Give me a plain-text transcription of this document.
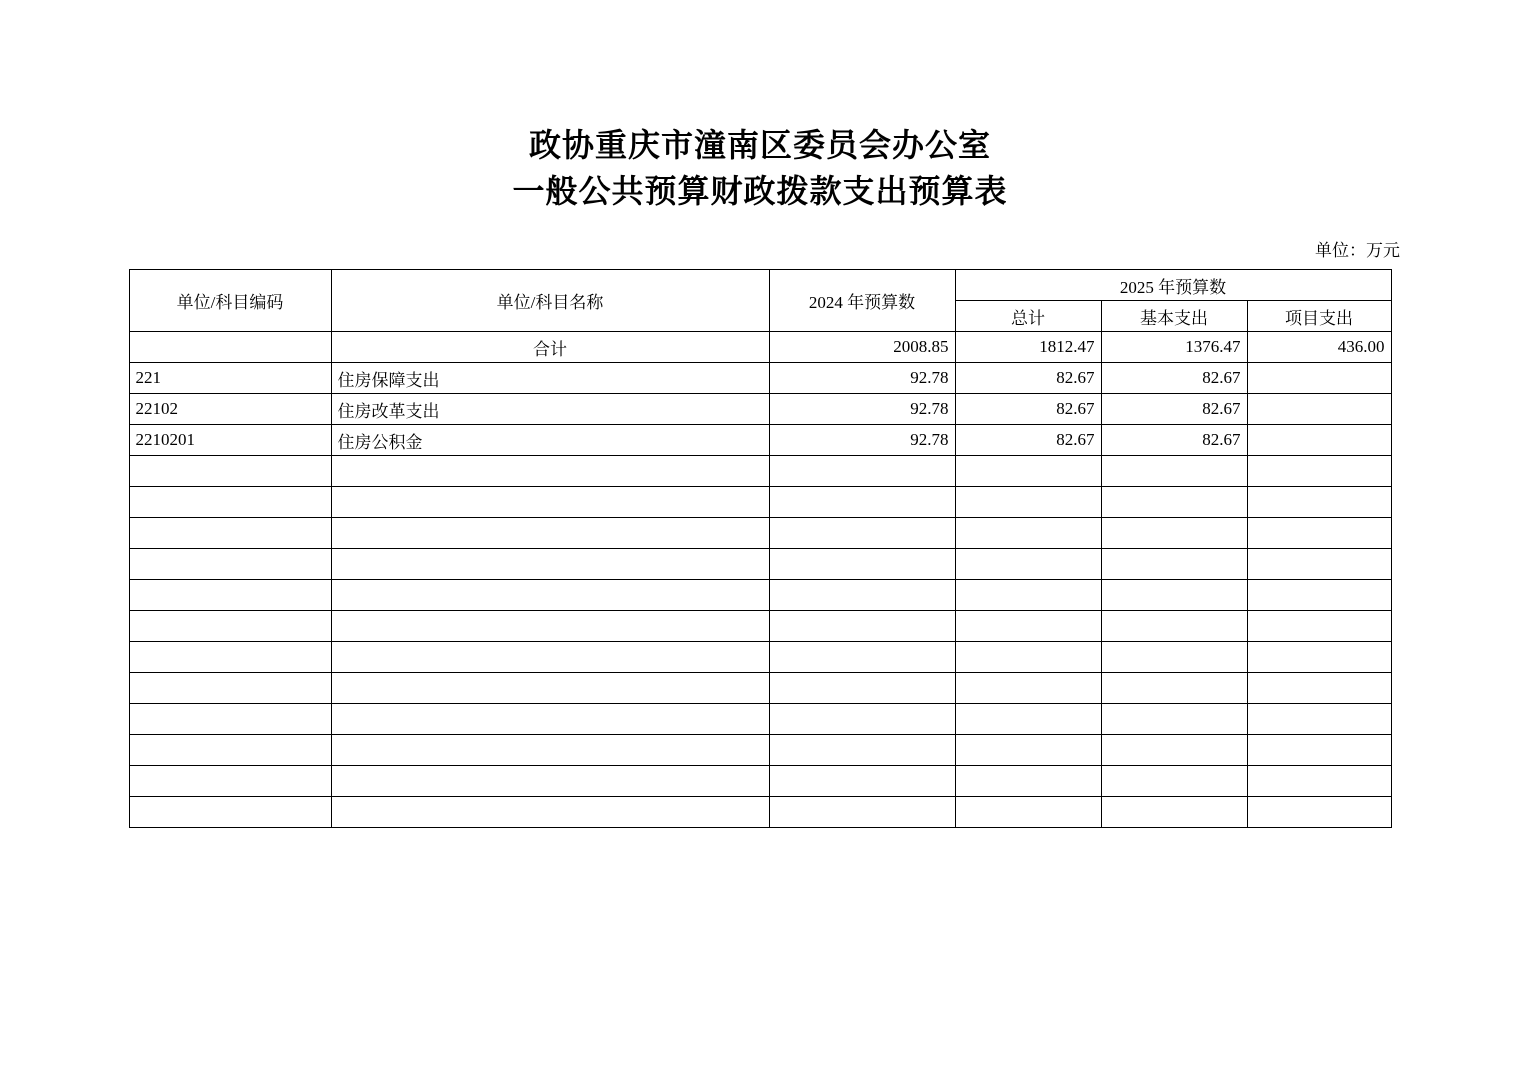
政协重庆市潼南区委员会办公室
一般公共预算财政拨款支出预算表
单位：万元
单位/科目编码	单位/科目名称	2024 年预算数	2025 年预算数		
			总计	基本支出	项目支出
	合计	2008.85	1812.47	1376.47	436.00
221	住房保障支出	92.78	82.67	82.67	
22102	住房改革支出	92.78	82.67	82.67	
2210201	住房公积金	92.78	82.67	82.67	
